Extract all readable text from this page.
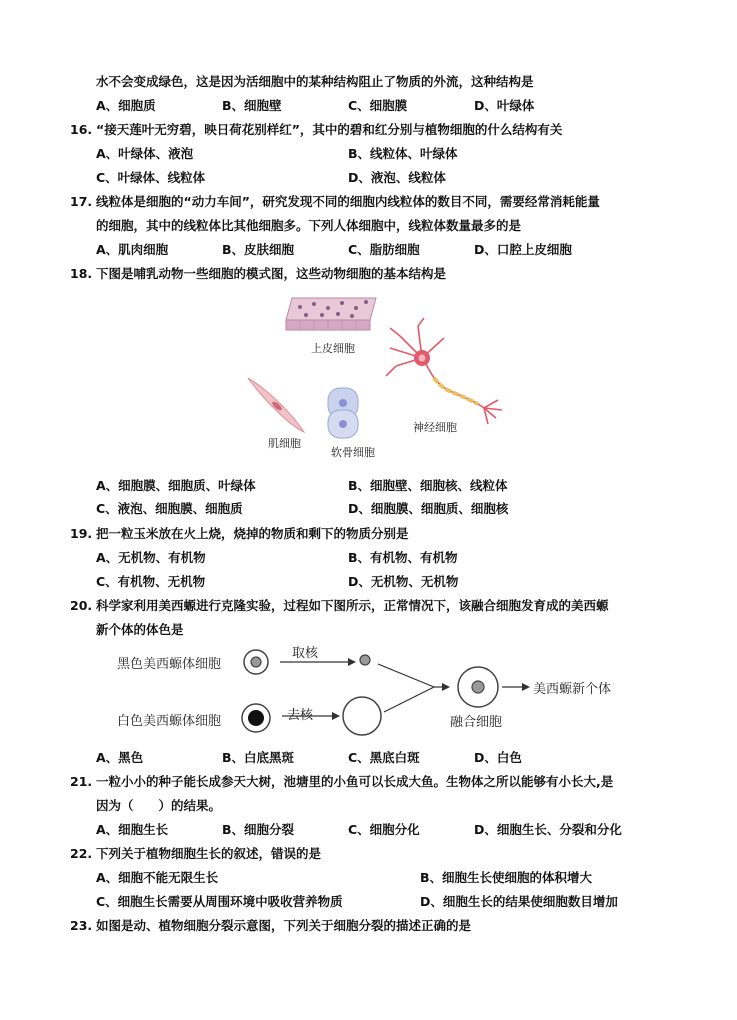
水不会变成绿色，这是因为活细胞中的某种结构阻止了物质的外流，这种结构是
A、细胞质	B、细胞壁	C、细胞膜	D、叶绿体
16. “接天莲叶无穷碧，映日荷花别样红”，其中的碧和红分别与植物细胞的什么结构有关
A、叶绿体、液泡	B、线粒体、叶绿体
C、叶绿体、线粒体	D、液泡、线粒体
17. 线粒体是细胞的“动力车间”，研究发现不同的细胞内线粒体的数目不同，需要经常消耗能量
的细胞，其中的线粒体比其他细胞多。下列人体细胞中，线粒体数量最多的是
A、肌肉细胞	B、皮肤细胞	C、脂肪细胞	D、口腔上皮细胞
18. 下图是哺乳动物一些细胞的模式图，这些动物细胞的基本结构是
上皮细胞
肌细胞
软骨细胞
神经细胞
A、细胞膜、细胞质、叶绿体	B、细胞壁、细胞核、线粒体
C、液泡、细胞膜、细胞质	D、细胞膜、细胞质、细胞核
19. 把一粒玉米放在火上烧，烧掉的物质和剩下的物质分别是
A、无机物、有机物	B、有机物、有机物
C、有机物、无机物	D、无机物、无机物
20. 科学家利用美西螈进行克隆实验，过程如下图所示，正常情况下，该融合细胞发育成的美西螈
新个体的体色是
黑色美西螈体细胞
取核
白色美西螈体细胞	去核	融合细胞
美西螈新个体
A、黑色	B、白底黑斑	C、黑底白斑	D、白色
21. 一粒小小的种子能长成参天大树，池塘里的小鱼可以长成大鱼。生物体之所以能够有小长大,是
因为（　　）的结果。
A、细胞生长	B、细胞分裂	C、细胞分化	D、细胞生长、分裂和分化
22. 下列关于植物细胞生长的叙述，错误的是
A、细胞不能无限生长	B、细胞生长使细胞的体积增大
C、细胞生长需要从周围环境中吸收营养物质	D、细胞生长的结果使细胞数目增加
23. 如图是动、植物细胞分裂示意图，下列关于细胞分裂的描述正确的是
